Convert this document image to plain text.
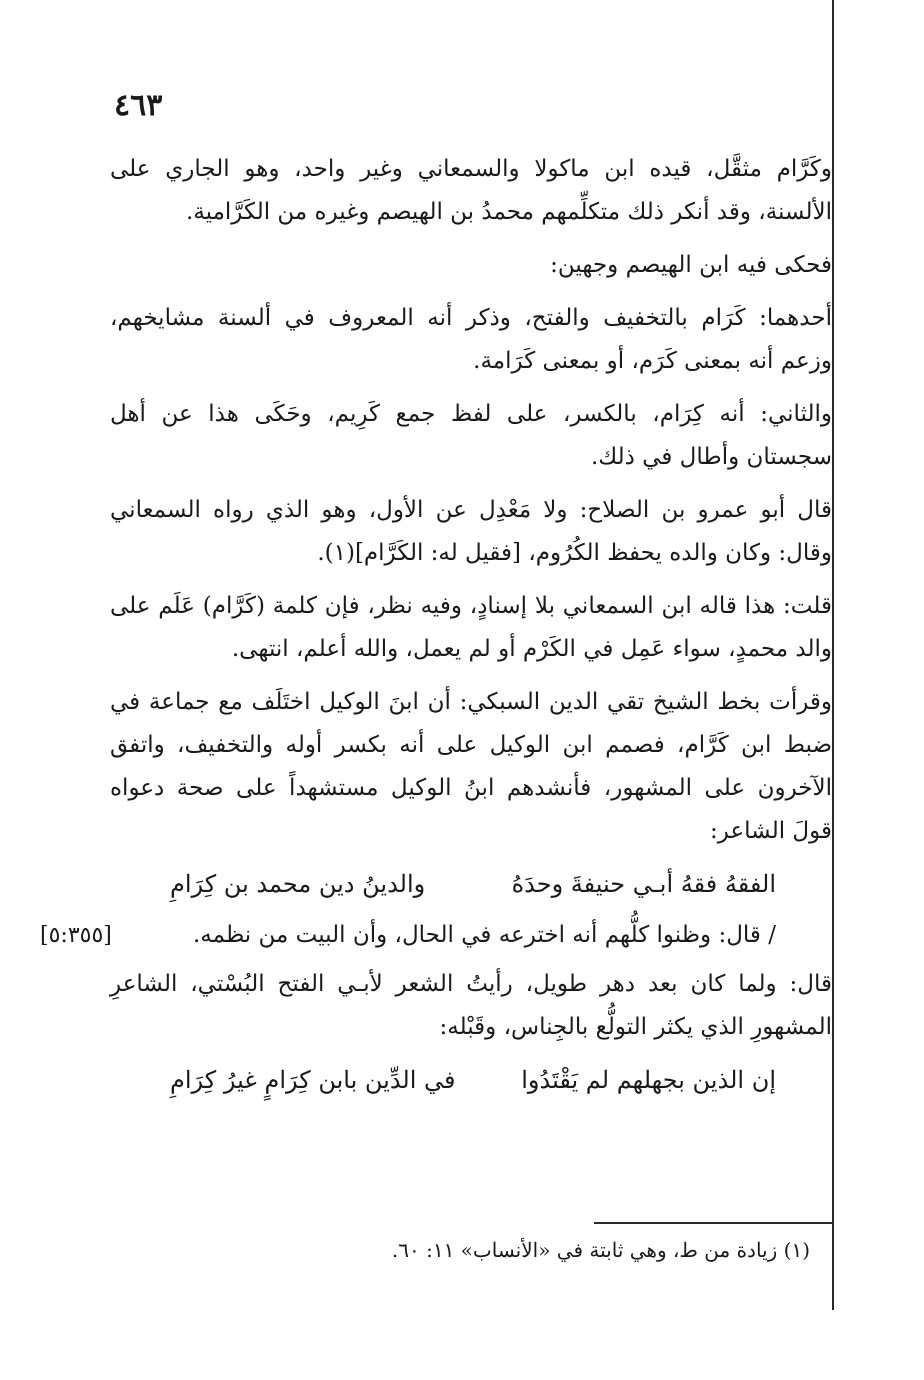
٤٦٣

وكَرَّام مثقَّل، قيده ابن ماكولا والسمعاني وغير واحد، وهو الجاري على الألسنة، وقد أنكر ذلك متكلِّمهم محمدُ بن الهيصم وغيره من الكَرَّامية.

فحكى فيه ابن الهيصم وجهين:

أحدهما: كَرَام بالتخفيف والفتح، وذكر أنه المعروف في ألسنة مشايخهم، وزعم أنه بمعنى كَرَم، أو بمعنى كَرَامة.

والثاني: أنه كِرَام، بالكسر، على لفظ جمع كَرِيم، وحَكَى هذا عن أهل سجستان وأطال في ذلك.

قال أبو عمرو بن الصلاح: ولا مَعْدِل عن الأول، وهو الذي رواه السمعاني وقال: وكان والده يحفظ الكُرُوم، [فقيل له: الكَرَّام](١).

قلت: هذا قاله ابن السمعاني بلا إسنادٍ، وفيه نظر، فإن كلمة (كَرَّام) عَلَم على والد محمدٍ، سواء عَمِل في الكَرْم أو لم يعمل، والله أعلم، انتهى.

وقرأت بخط الشيخ تقي الدين السبكي: أن ابنَ الوكيل اختَلَف مع جماعة في ضبط ابن كَرَّام، فصمم ابن الوكيل على أنه بكسر أوله والتخفيف، واتفق الآخرون على المشهور، فأنشدهم ابنُ الوكيل مستشهداً على صحة دعواه قولَ الشاعر:

الفقهُ فقهُ أبـي حنيفةَ وحدَهُ
والدينُ دين محمد بن كِرَامِ
/ قال: وظنوا كلُّهم أنه اخترعه في الحال، وأن البيت من نظمه.
[٥:٣٥٥]

قال: ولما كان بعد دهر طويل، رأيتُ الشعر لأبـي الفتح البُسْتي، الشاعرِ المشهورِ الذي يكثر التولُّع بالجِناس، وقَبْله:

إن الذين بجهلهم لم يَقْتَدُوا
في الدِّين بابن كِرَامٍ غيرُ كِرَامِ
(١) زيادة من ط، وهي ثابتة في «الأنساب» ١١: ٦٠.
